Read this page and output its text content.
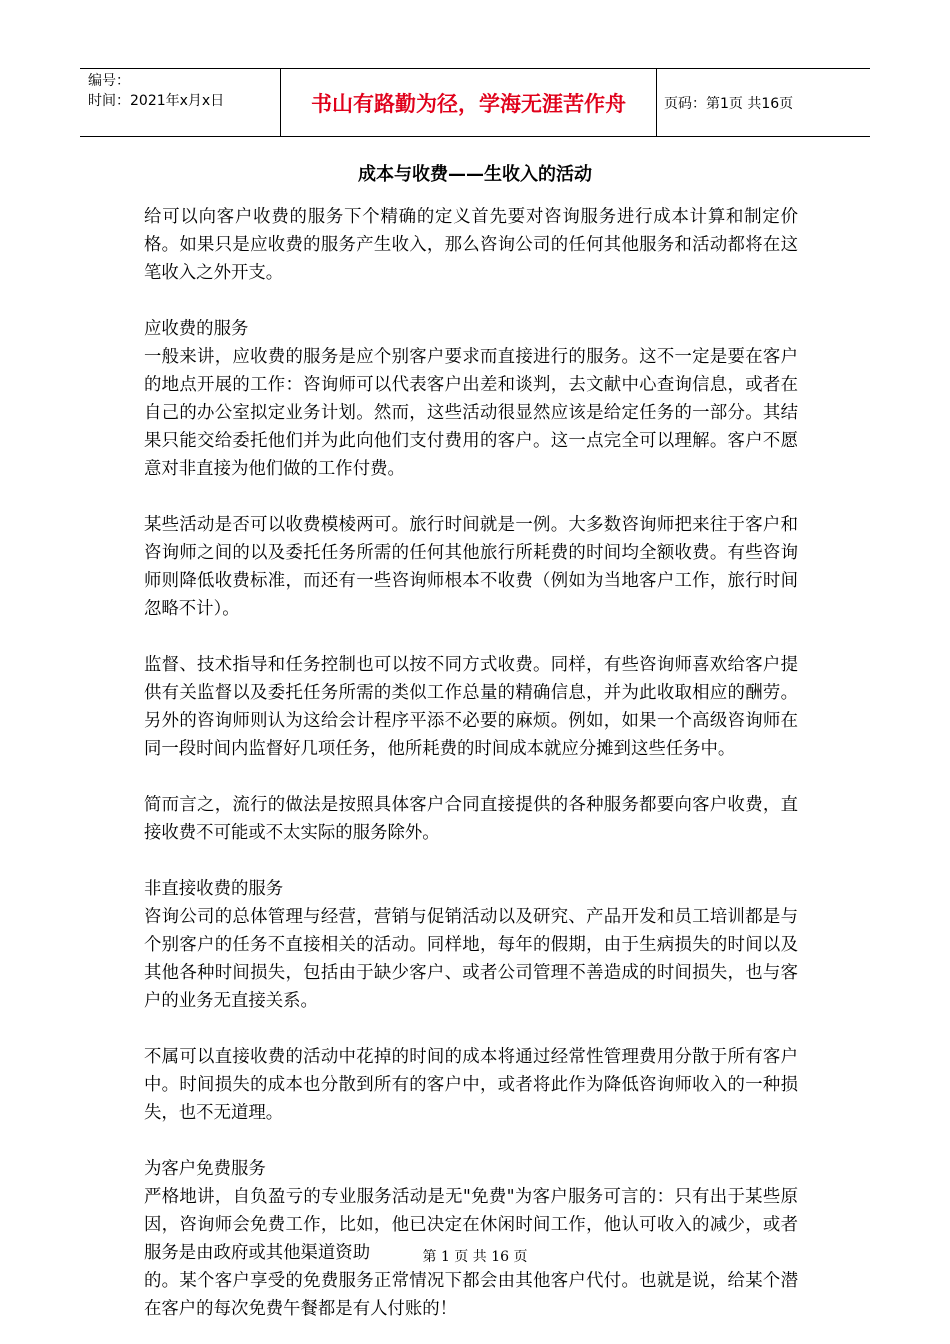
编号：
时间：2021年x月x日	书山有路勤为径，学海无涯苦作舟	页码：第1页 共16页
成本与收费——生收入的活动

给可以向客户收费的服务下个精确的定义首先要对咨询服务进行成本计算和制定价格。如果只是应收费的服务产生收入，那么咨询公司的任何其他服务和活动都将在这笔收入之外开支。

应收费的服务

一般来讲，应收费的服务是应个别客户要求而直接进行的服务。这不一定是要在客户的地点开展的工作：咨询师可以代表客户出差和谈判，去文献中心查询信息，或者在自己的办公室拟定业务计划。然而，这些活动很显然应该是给定任务的一部分。其结果只能交给委托他们并为此向他们支付费用的客户。这一点完全可以理解。客户不愿意对非直接为他们做的工作付费。

某些活动是否可以收费模棱两可。旅行时间就是一例。大多数咨询师把来往于客户和咨询师之间的以及委托任务所需的任何其他旅行所耗费的时间均全额收费。有些咨询师则降低收费标准，而还有一些咨询师根本不收费（例如为当地客户工作，旅行时间忽略不计）。

监督、技术指导和任务控制也可以按不同方式收费。同样，有些咨询师喜欢给客户提供有关监督以及委托任务所需的类似工作总量的精确信息，并为此收取相应的酬劳。另外的咨询师则认为这给会计程序平添不必要的麻烦。例如，如果一个高级咨询师在同一段时间内监督好几项任务，他所耗费的时间成本就应分摊到这些任务中。

简而言之，流行的做法是按照具体客户合同直接提供的各种服务都要向客户收费，直接收费不可能或不太实际的服务除外。

非直接收费的服务

咨询公司的总体管理与经营，营销与促销活动以及研究、产品开发和员工培训都是与个别客户的任务不直接相关的活动。同样地，每年的假期，由于生病损失的时间以及其他各种时间损失，包括由于缺少客户、或者公司管理不善造成的时间损失，也与客户的业务无直接关系。

不属可以直接收费的活动中花掉的时间的成本将通过经常性管理费用分散于所有客户中。时间损失的成本也分散到所有的客户中，或者将此作为降低咨询师收入的一种损失，也不无道理。

为客户免费服务

严格地讲，自负盈亏的专业服务活动是无"免费"为客户服务可言的：只有出于某些原因，咨询师会免费工作，比如，他已决定在休闲时间工作，他认可收入的减少，或者服务是由政府或其他渠道资助

的。某个客户享受的免费服务正常情况下都会由其他客户代付。也就是说，给某个潜在客户的每次免费午餐都是有人付账的！

第 1 页 共 16 页
